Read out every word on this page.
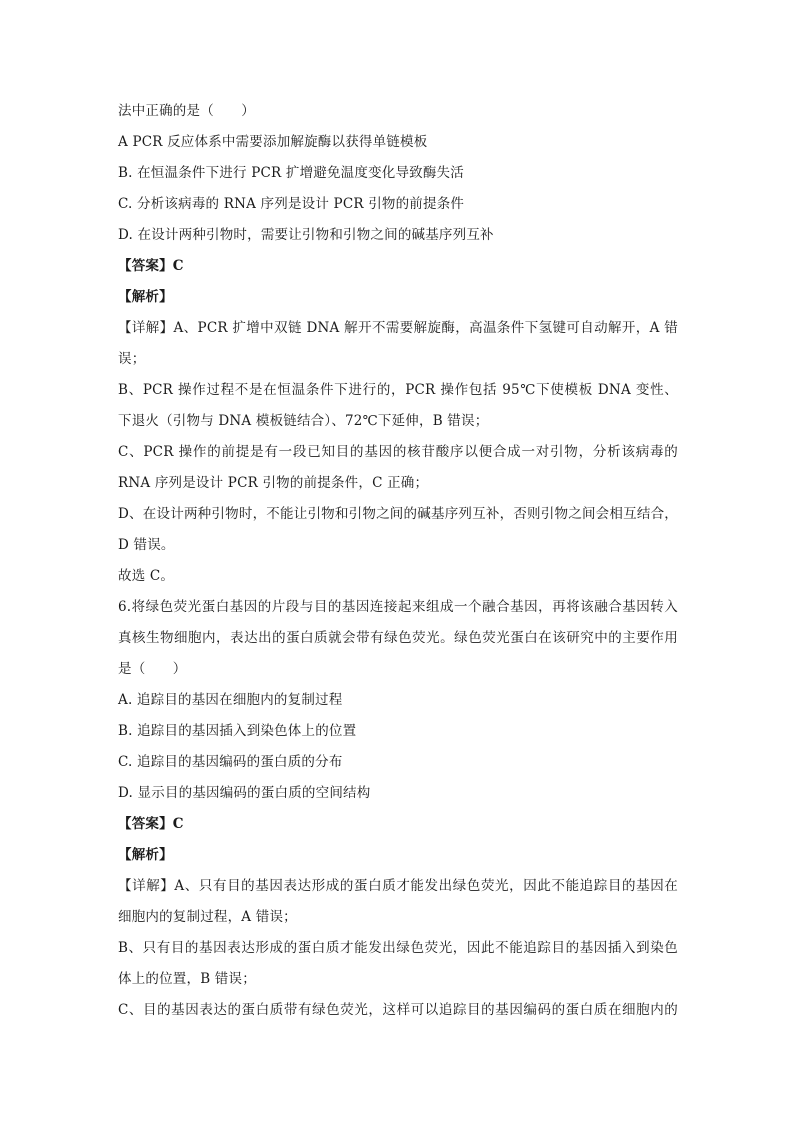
法中正确的是（　　）
A PCR 反应体系中需要添加解旋酶以获得单链模板
B. 在恒温条件下进行 PCR 扩增避免温度变化导致酶失活
C. 分析该病毒的 RNA 序列是设计 PCR 引物的前提条件
D. 在设计两种引物时，需要让引物和引物之间的碱基序列互补
【答案】C
【解析】
【详解】A、PCR 扩增中双链 DNA 解开不需要解旋酶，高温条件下氢键可自动解开，A 错
误；
B、PCR 操作过程不是在恒温条件下进行的，PCR 操作包括 95℃下使模板 DNA 变性、
下退火（引物与 DNA 模板链结合）、72℃下延伸，B 错误；
C、PCR 操作的前提是有一段已知目的基因的核苷酸序以便合成一对引物，分析该病毒的
RNA 序列是设计 PCR 引物的前提条件，C 正确；
D、在设计两种引物时，不能让引物和引物之间的碱基序列互补，否则引物之间会相互结合，
D 错误。
故选 C。
6.将绿色荧光蛋白基因的片段与目的基因连接起来组成一个融合基因，再将该融合基因转入
真核生物细胞内，表达出的蛋白质就会带有绿色荧光。绿色荧光蛋白在该研究中的主要作用
是（　　）
A. 追踪目的基因在细胞内的复制过程
B. 追踪目的基因插入到染色体上的位置
C. 追踪目的基因编码的蛋白质的分布
D. 显示目的基因编码的蛋白质的空间结构
【答案】C
【解析】
【详解】A、只有目的基因表达形成的蛋白质才能发出绿色荧光，因此不能追踪目的基因在
细胞内的复制过程，A 错误；
B、只有目的基因表达形成的蛋白质才能发出绿色荧光，因此不能追踪目的基因插入到染色
体上的位置，B 错误；
C、目的基因表达的蛋白质带有绿色荧光，这样可以追踪目的基因编码的蛋白质在细胞内的
